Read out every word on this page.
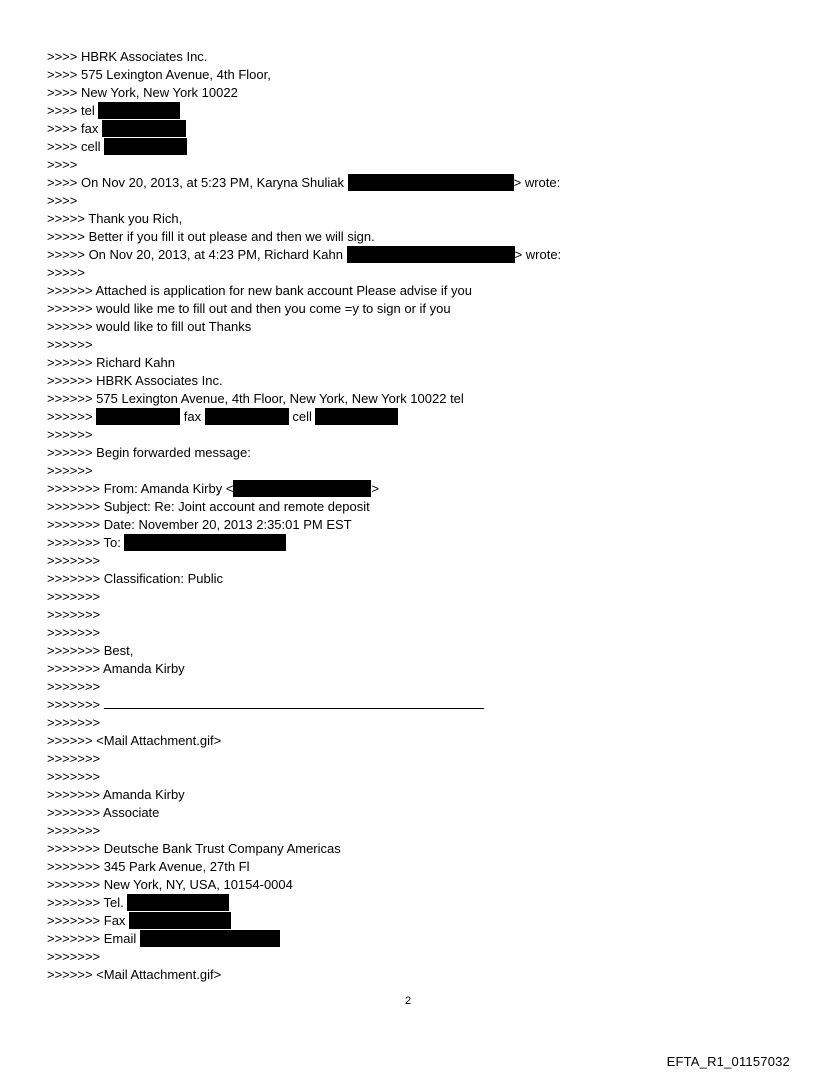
>>>> HBRK Associates Inc.
>>>> 575 Lexington Avenue, 4th Floor,
>>>> New York, New York 10022
>>>> tel
>>>> fax
>>>> cell
>>>>
>>>> On Nov 20, 2013, at 5:23 PM, Karyna Shuliak	> wrote:
>>>>
>>>>> Thank you Rich,
>>>>> Better if you fill it out please and then we will sign.
>>>>> On Nov 20, 2013, at 4:23 PM, Richard Kahn	> wrote:
>>>>>
>>>>>> Attached is application for new bank account Please advise if you
>>>>>> would like me to fill out and then you come =y to sign or if you
>>>>>> would like to fill out Thanks
>>>>>>
>>>>>> Richard Kahn
>>>>>> HBRK Associates Inc.
>>>>>> 575 Lexington Avenue, 4th Floor, New York, New York 10022 tel
>>>>>>	fax	cell
>>>>>>
>>>>>> Begin forwarded message:
>>>>>>
>>>>>>> From: Amanda Kirby <	>
>>>>>>> Subject: Re: Joint account and remote deposit
>>>>>>> Date: November 20, 2013 2:35:01 PM EST
>>>>>>> To:
>>>>>>>
>>>>>>> Classification: Public
>>>>>>>
>>>>>>>
>>>>>>>
>>>>>>> Best,
>>>>>>> Amanda Kirby
>>>>>>>
>>>>>>>
>>>>>>>
>>>>>> <Mail Attachment.gif>
>>>>>>>
>>>>>>>
>>>>>>> Amanda Kirby
>>>>>>> Associate
>>>>>>>
>>>>>>> Deutsche Bank Trust Company Americas
>>>>>>> 345 Park Avenue, 27th Fl
>>>>>>> New York, NY, USA, 10154-0004
>>>>>>> Tel.
>>>>>>> Fax
>>>>>>> Email
>>>>>>>
>>>>>> <Mail Attachment.gif>
2
EFTA_R1_01157032
